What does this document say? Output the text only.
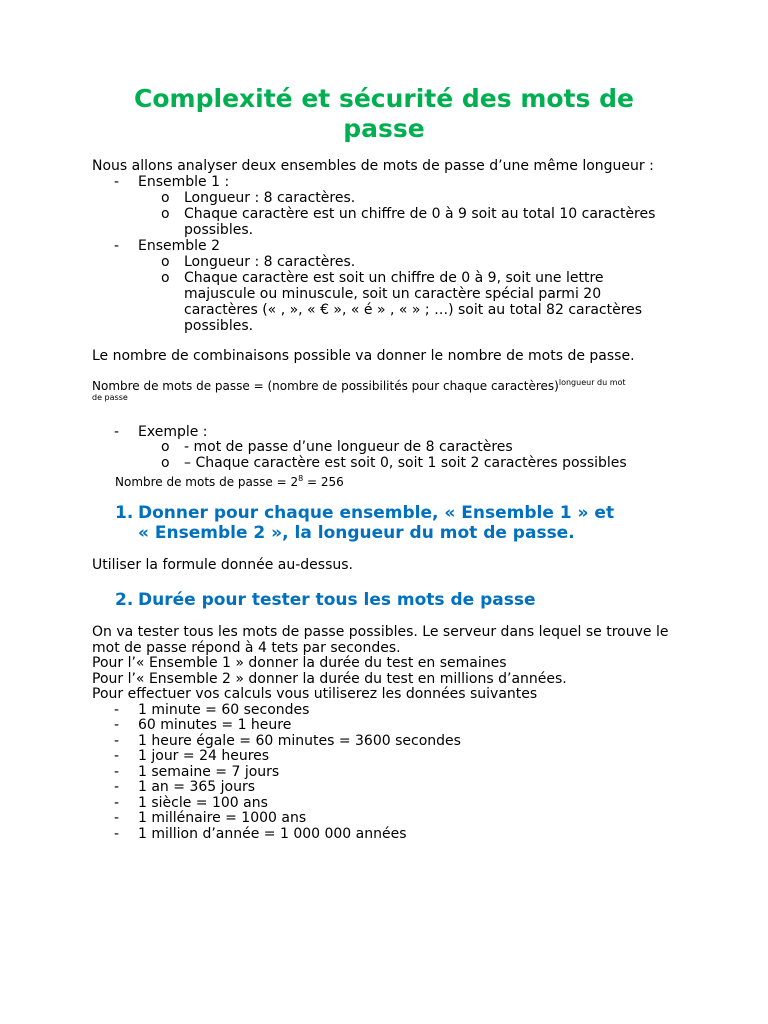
Complexité et sécurité des mots de passe
Nous allons analyser deux ensembles de mots de passe d’une même longueur :
- Ensemble 1 :
o Longueur : 8 caractères.
o Chaque caractère est un chiffre de 0 à 9 soit au total 10 caractères
possibles.
- Ensemble 2
o Longueur : 8 caractères.
o Chaque caractère est soit un chiffre de 0 à 9, soit une lettre
majuscule ou minuscule, soit un caractère spécial parmi 20
caractères (« , », « € », « é » , « » ; …) soit au total 82 caractères
possibles.
Le nombre de combinaisons possible va donner le nombre de mots de passe.
Nombre de mots de passe = (nombre de possibilités pour chaque caractères)$^{longueur du mot}$
de passe
- Exemple :
o - mot de passe d’une longueur de 8 caractères
o – Chaque caractère est soit 0, soit 1 soit 2 caractères possibles
Nombre de mots de passe = $2^8 = 256$
1. Donner pour chaque ensemble, « Ensemble 1 » et
« Ensemble 2 », la longueur du mot de passe.
Utiliser la formule donnée au-dessus.
2. Durée pour tester tous les mots de passe
On va tester tous les mots de passe possibles. Le serveur dans lequel se trouve le
mot de passe répond à 4 tets par secondes.
Pour l’« Ensemble 1 » donner la durée du test en semaines
Pour l’« Ensemble 2 » donner la durée du test en millions d’années.
Pour effectuer vos calculs vous utiliserez les données suivantes
- 1 minute = 60 secondes
- 60 minutes = 1 heure
- 1 heure égale = 60 minutes = 3600 secondes
- 1 jour = 24 heures
- 1 semaine = 7 jours
- 1 an = 365 jours
- 1 siècle = 100 ans
- 1 millénaire = 1000 ans
- 1 million d’année = 1 000 000 années
